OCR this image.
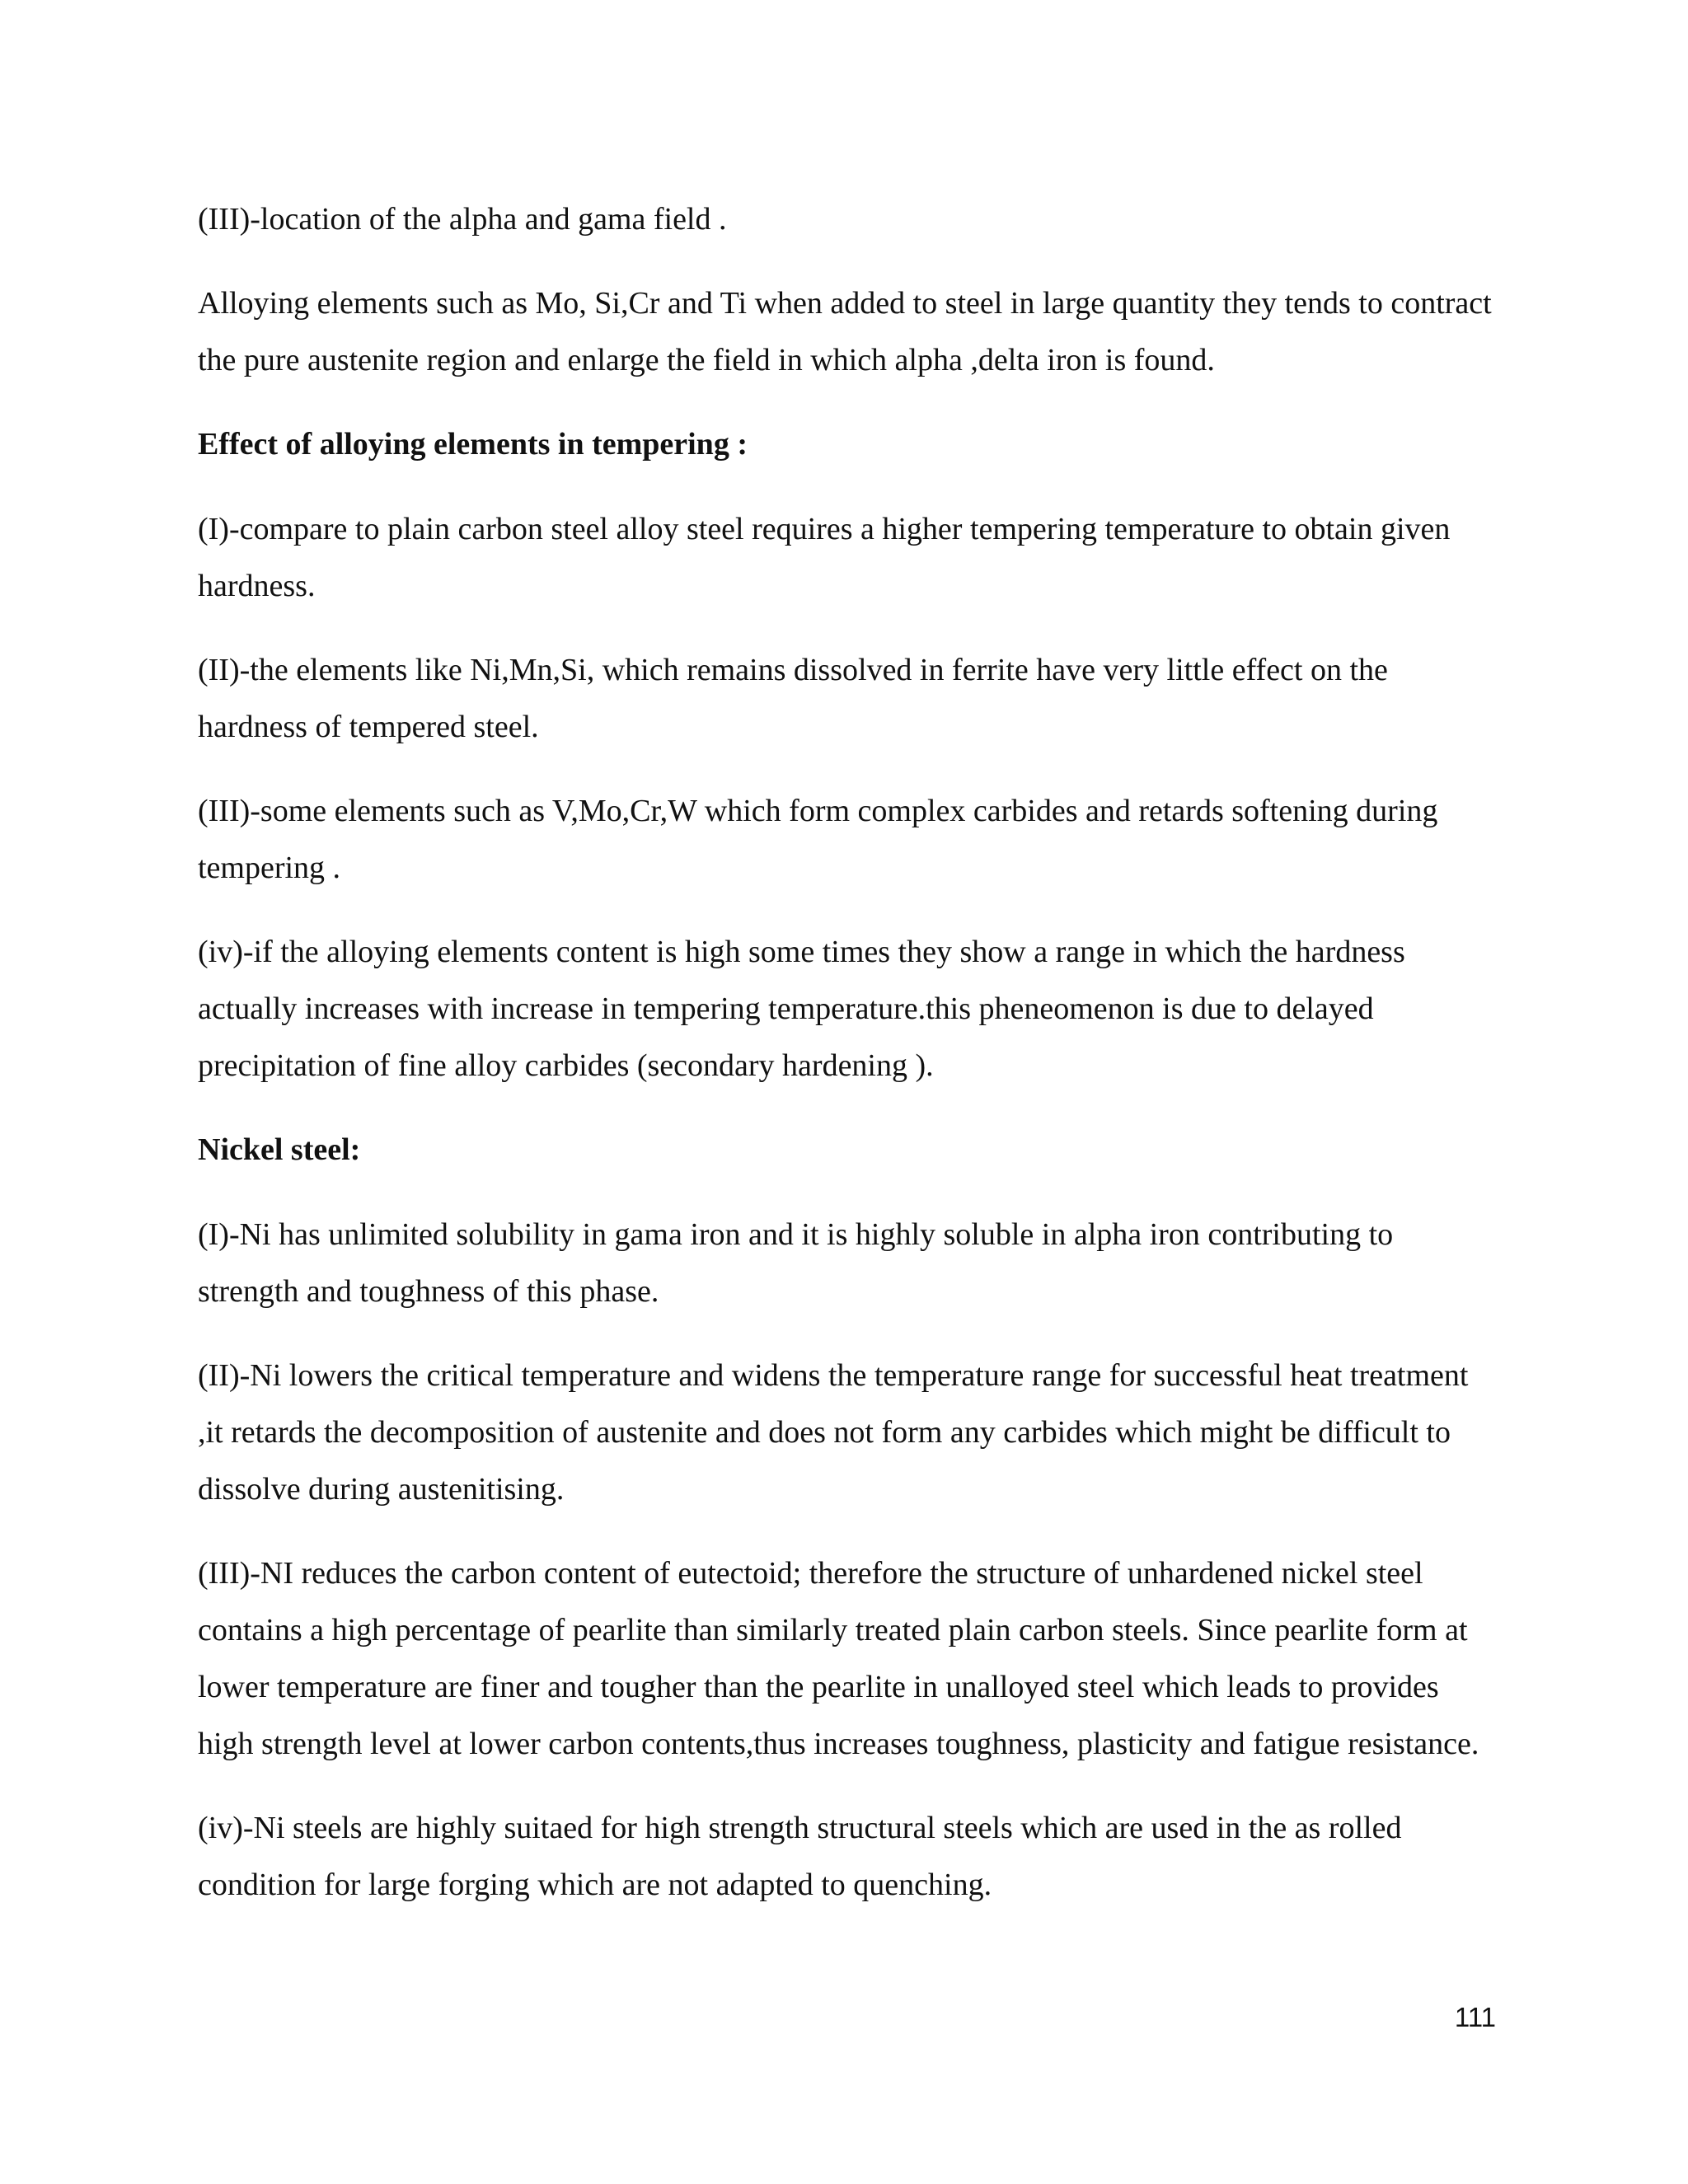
(III)-location of the alpha and gama field .

Alloying elements such as Mo, Si,Cr and Ti when added to steel in large quantity they tends to contract the pure austenite region and enlarge the field in which alpha ,delta iron is found.

Effect of alloying elements in tempering :

(I)-compare to plain carbon steel alloy steel requires a higher tempering temperature to obtain given hardness.

(II)-the elements like Ni,Mn,Si, which remains dissolved in ferrite have very little effect on the hardness of tempered steel.

(III)-some elements such as V,Mo,Cr,W which form complex carbides and retards softening during tempering .

(iv)-if the alloying elements content is high some times they show a range in which the hardness actually increases with increase in tempering temperature.this pheneomenon is due to delayed precipitation of fine alloy carbides (secondary hardening ).

Nickel steel:

(I)-Ni has unlimited solubility in gama iron and it is highly soluble in alpha iron contributing to strength and toughness of this phase.

(II)-Ni lowers the critical temperature and widens the temperature range for successful heat treatment ,it retards the decomposition of austenite and does not form any carbides which might be difficult to dissolve during austenitising.

(III)-NI reduces the carbon content of eutectoid; therefore the structure of unhardened nickel steel contains a high percentage of pearlite than similarly treated plain carbon steels. Since pearlite form at lower temperature are finer and tougher than the pearlite in unalloyed steel which leads to provides high strength level at lower carbon contents,thus increases toughness, plasticity and fatigue resistance.

(iv)-Ni steels are highly suitaed for high strength structural steels which are used in the as rolled condition for large forging which are not adapted to quenching.

111
